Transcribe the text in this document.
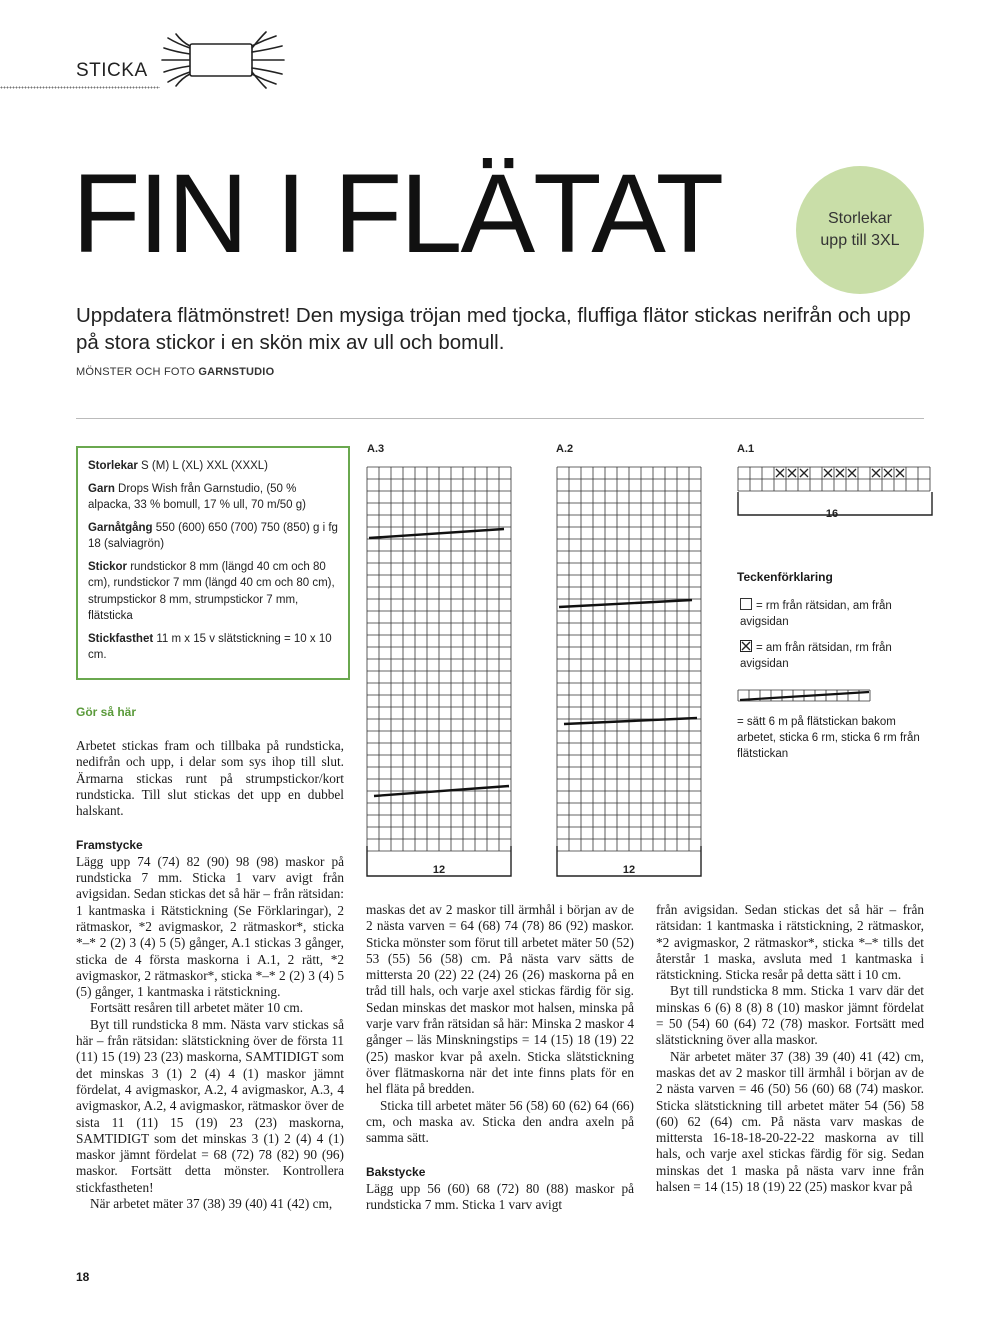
STICKA
FIN I FLÄTAT	Storlekar
upp till 3XL
Uppdatera flätmönstret! Den mysiga tröjan med tjocka, fluffiga flätor stickas nerifrån och upp på stora stickor i en skön mix av ull och bomull.
MÖNSTER OCH FOTO GARNSTUDIO

Storlekar S (M) L (XL) XXL (XXXL)

Garn Drops Wish från Garnstudio, (50 % alpacka, 33 % bomull, 17 % ull, 70 m/50 g)

Garnåtgång 550 (600) 650 (700) 750 (850) g i fg 18 (salviagrön)

Stickor rundstickor 8 mm (längd 40 cm och 80 cm), rundstickor 7 mm (längd 40 cm och 80 cm), strumpstickor 8 mm, strumpstickor 7 mm, flätsticka

Stickfasthet 11 m x 15 v slätstickning = 10 x 10 cm.

Gör så här

Arbetet stickas fram och tillbaka på rundsticka, nedifrån och upp, i delar som sys ihop till slut. Ärmarna stickas runt på strumpstickor/kort rundsticka. Till slut stickas det upp en dubbel halskant.

Framstycke

Lägg upp 74 (74) 82 (90) 98 (98) maskor på rundsticka 7 mm. Sticka 1 varv avigt från avigsidan. Sedan stickas det så här – från rätsidan: 1 kantmaska i Rätstickning (Se Förklaringar), 2 rätmaskor, *2 avigmaskor, 2 rätmaskor*, sticka *–* 2 (2) 3 (4) 5 (5) gånger, A.1 stickas 3 gånger, sticka de 4 första maskorna i A.1, 2 rätt, *2 avigmaskor, 2 rätmaskor*, sticka *–* 2 (2) 3 (4) 5 (5) gånger, 1 kantmaska i rätstickning.

Fortsätt resåren till arbetet mäter 10 cm.

Byt till rundsticka 8 mm. Nästa varv stickas så här – från rätsidan: slätstickning över de första 11 (11) 15 (19) 23 (23) maskorna, SAMTIDIGT som det minskas 3 (1) 2 (4) 4 (1) maskor jämnt fördelat, 4 avigmaskor, A.2, 4 avigmaskor, A.3, 4 avigmaskor, A.2, 4 avigmaskor, rätmaskor över de sista 11 (11) 15 (19) 23 (23) maskorna, SAMTIDIGT som det minskas 3 (1) 2 (4) 4 (1) maskor jämnt fördelat = 68 (72) 78 (82) 90 (96) maskor. Fortsätt detta mönster. Kontrollera stickfastheten!

När arbetet mäter 37 (38) 39 (40) 41 (42) cm,

maskas det av 2 maskor till ärmhål i början av de 2 nästa varven = 64 (68) 74 (78) 86 (92) maskor. Sticka mönster som förut till arbetet mäter 50 (52) 53 (55) 56 (58) cm. På nästa varv sätts de mittersta 20 (22) 22 (24) 26 (26) maskorna på en tråd till hals, och varje axel stickas färdig för sig. Sedan minskas det maskor mot halsen, minska på varje varv från rätsidan så här: Minska 2 maskor 4 gånger – läs Minskningstips = 14 (15) 18 (19) 22 (25) maskor kvar på axeln. Sticka slätstickning över flätmaskorna när det inte finns plats för en hel fläta på bredden.

Sticka till arbetet mäter 56 (58) 60 (62) 64 (66) cm, och maska av. Sticka den andra axeln på samma sätt.

Bakstycke

Lägg upp 56 (60) 68 (72) 80 (88) maskor på rundsticka 7 mm. Sticka 1 varv avigt

från avigsidan. Sedan stickas det så här – från rätsidan: 1 kantmaska i rätstickning, 2 rätmaskor, *2 avigmaskor, 2 rätmaskor*, sticka *–* tills det återstår 1 maska, avsluta med 1 kantmaska i rätstickning. Sticka resår på detta sätt i 10 cm.

Byt till rundsticka 8 mm. Sticka 1 varv där det minskas 6 (6) 8 (8) 8 (10) maskor jämnt fördelat = 50 (54) 60 (64) 72 (78) maskor. Fortsätt med slätstickning över alla maskor.

När arbetet mäter 37 (38) 39 (40) 41 (42) cm, maskas det av 2 maskor till ärmhål i början av de 2 nästa varven = 46 (50) 56 (60) 68 (74) maskor. Sticka slätstickning till arbetet mäter 54 (56) 58 (60) 62 (64) cm. På nästa varv maskas de mittersta 16-18-18-20-22-22 maskorna av till hals, och varje axel stickas färdig för sig. Sedan minskas det 1 maska på nästa varv inne från halsen = 14 (15) 18 (19) 22 (25) maskor kvar på

A.3	A.2	A.1
12	12
16
Teckenförklaring
= rm från rätsidan, am från avigsidan
= am från rätsidan, rm från avigsidan
= sätt 6 m på flätstickan bakom arbetet, sticka 6 rm, sticka 6 rm från flätstickan
18
